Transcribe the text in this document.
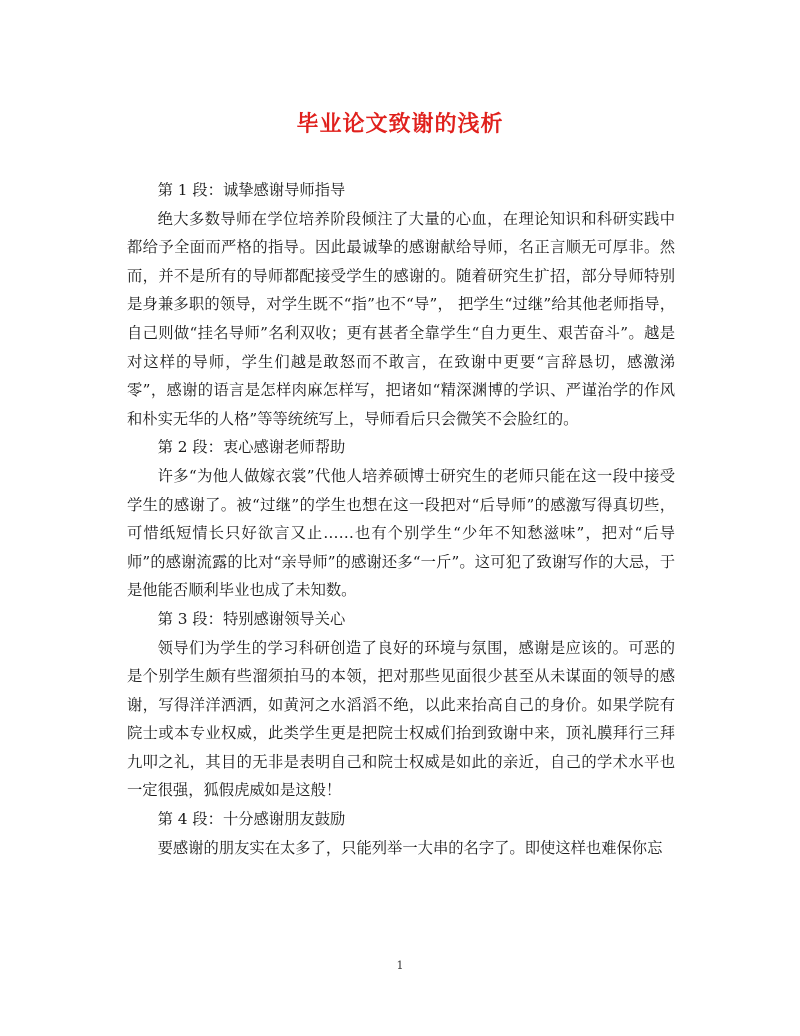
毕业论文致谢的浅析

第 1 段：诚挚感谢导师指导

绝大多数导师在学位培养阶段倾注了大量的心血，在理论知识和科研实践中都给予全面而严格的指导。因此最诚挚的感谢献给导师，名正言顺无可厚非。然而，并不是所有的导师都配接受学生的感谢的。随着研究生扩招，部分导师特别是身兼多职的领导，对学生既不“指”也不“导”， 把学生“过继”给其他老师指导，自己则做“挂名导师”名利双收；更有甚者全靠学生“自力更生、艰苦奋斗”。越是对这样的导师，学生们越是敢怒而不敢言，在致谢中更要“言辞恳切，感激涕零”，感谢的语言是怎样肉麻怎样写，把诸如“精深渊博的学识、严谨治学的作风和朴实无华的人格”等等统统写上，导师看后只会微笑不会脸红的。

第 2 段：衷心感谢老师帮助

许多“为他人做嫁衣裳”代他人培养硕博士研究生的老师只能在这一段中接受学生的感谢了。被“过继”的学生也想在这一段把对“后导师”的感激写得真切些，可惜纸短情长只好欲言又止……也有个别学生“少年不知愁滋味”，把对“后导师”的感谢流露的比对“亲导师”的感谢还多“一斤”。这可犯了致谢写作的大忌，于是他能否顺利毕业也成了未知数。

第 3 段：特别感谢领导关心

领导们为学生的学习科研创造了良好的环境与氛围，感谢是应该的。可恶的是个别学生颇有些溜须拍马的本领，把对那些见面很少甚至从未谋面的领导的感谢，写得洋洋洒洒，如黄河之水滔滔不绝，以此来抬高自己的身价。如果学院有院士或本专业权威，此类学生更是把院士权威们抬到致谢中来，顶礼膜拜行三拜九叩之礼，其目的无非是表明自己和院士权威是如此的亲近，自己的学术水平也一定很强，狐假虎威如是这般！

第 4 段：十分感谢朋友鼓励

要感谢的朋友实在太多了，只能列举一大串的名字了。即使这样也难保你忘

1
